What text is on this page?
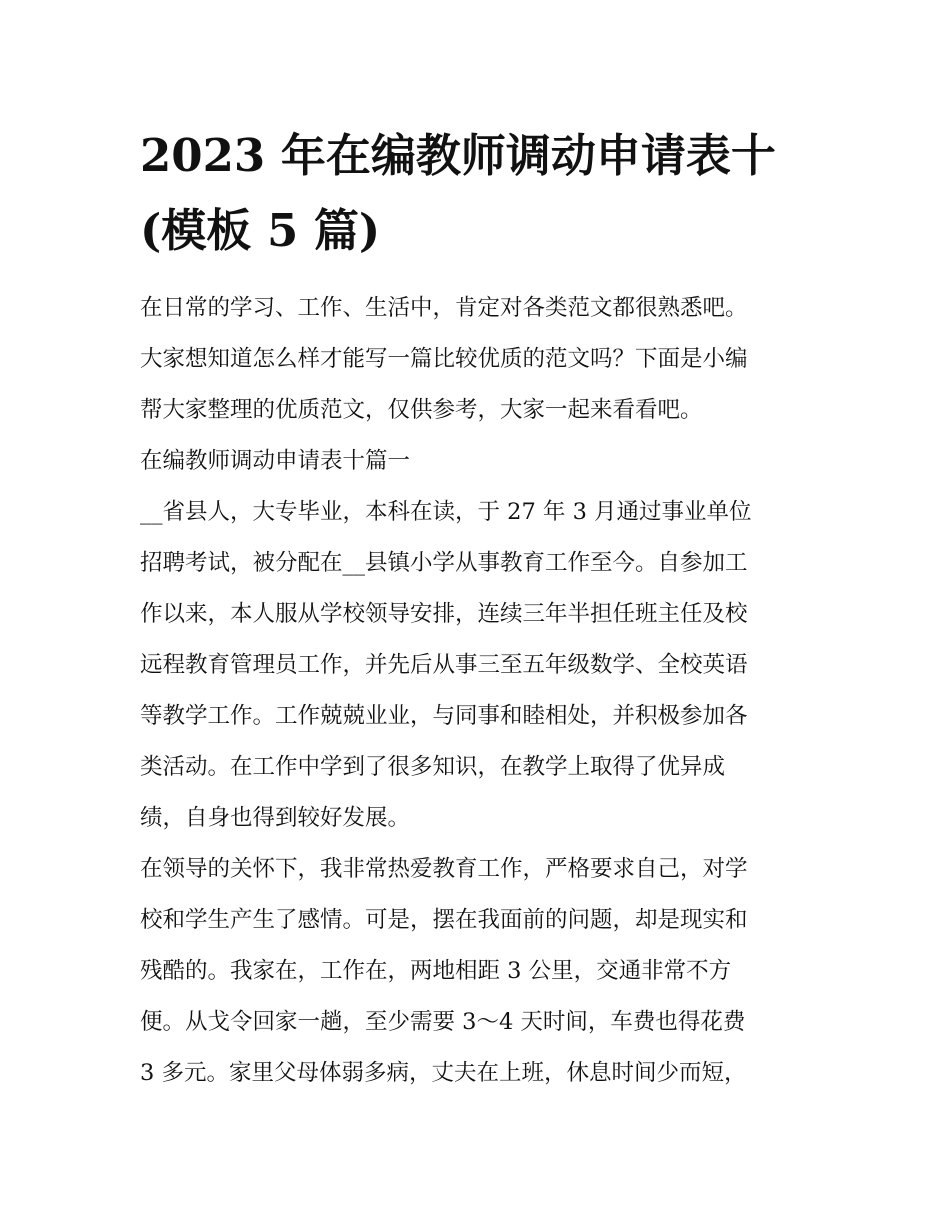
2023 年在编教师调动申请表十
(模板 5 篇)
在日常的学习、工作、生活中，肯定对各类范文都很熟悉吧。
大家想知道怎么样才能写一篇比较优质的范文吗？下面是小编
帮大家整理的优质范文，仅供参考，大家一起来看看吧。
在编教师调动申请表十篇一
__省县人，大专毕业，本科在读，于 27 年 3 月通过事业单位
招聘考试，被分配在__县镇小学从事教育工作至今。自参加工
作以来，本人服从学校领导安排，连续三年半担任班主任及校
远程教育管理员工作，并先后从事三至五年级数学、全校英语
等教学工作。工作兢兢业业，与同事和睦相处，并积极参加各
类活动。在工作中学到了很多知识，在教学上取得了优异成
绩，自身也得到较好发展。
在领导的关怀下，我非常热爱教育工作，严格要求自己，对学
校和学生产生了感情。可是，摆在我面前的问题，却是现实和
残酷的。我家在，工作在，两地相距 3 公里，交通非常不方
便。从戈令回家一趟，至少需要 3～4 天时间，车费也得花费
3 多元。家里父母体弱多病，丈夫在上班，休息时间少而短，
